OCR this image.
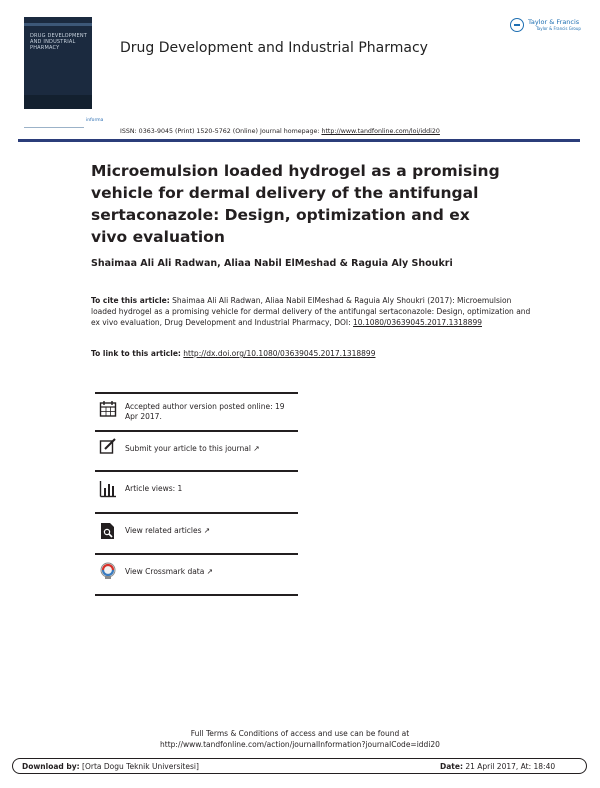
DRUG DEVELOPMENT AND INDUSTRIAL PHARMACY	Drug Development and Industrial Pharmacy
Taylor & Francis
Taylor & Francis Group
informa
ISSN: 0363-9045 (Print) 1520-5762 (Online) Journal homepage: http://www.tandfonline.com/loi/iddi20
Microemulsion loaded hydrogel as a promising vehicle for dermal delivery of the antifungal sertaconazole: Design, optimization and ex vivo evaluation
Shaimaa Ali Ali Radwan, Aliaa Nabil ElMeshad & Raguia Aly Shoukri
To cite this article: Shaimaa Ali Ali Radwan, Aliaa Nabil ElMeshad & Raguia Aly Shoukri (2017): Microemulsion loaded hydrogel as a promising vehicle for dermal delivery of the antifungal sertaconazole: Design, optimization and ex vivo evaluation, Drug Development and Industrial Pharmacy, DOI: 10.1080/03639045.2017.1318899
To link to this article: http://dx.doi.org/10.1080/03639045.2017.1318899
Accepted author version posted online: 19 Apr 2017.
Submit your article to this journal ↗
Article views: 1
View related articles ↗
View Crossmark data ↗
Full Terms & Conditions of access and use can be found at
http://www.tandfonline.com/action/journalInformation?journalCode=iddi20
Download by: [Orta Dogu Teknik Universitesi]	Date: 21 April 2017, At: 18:40
